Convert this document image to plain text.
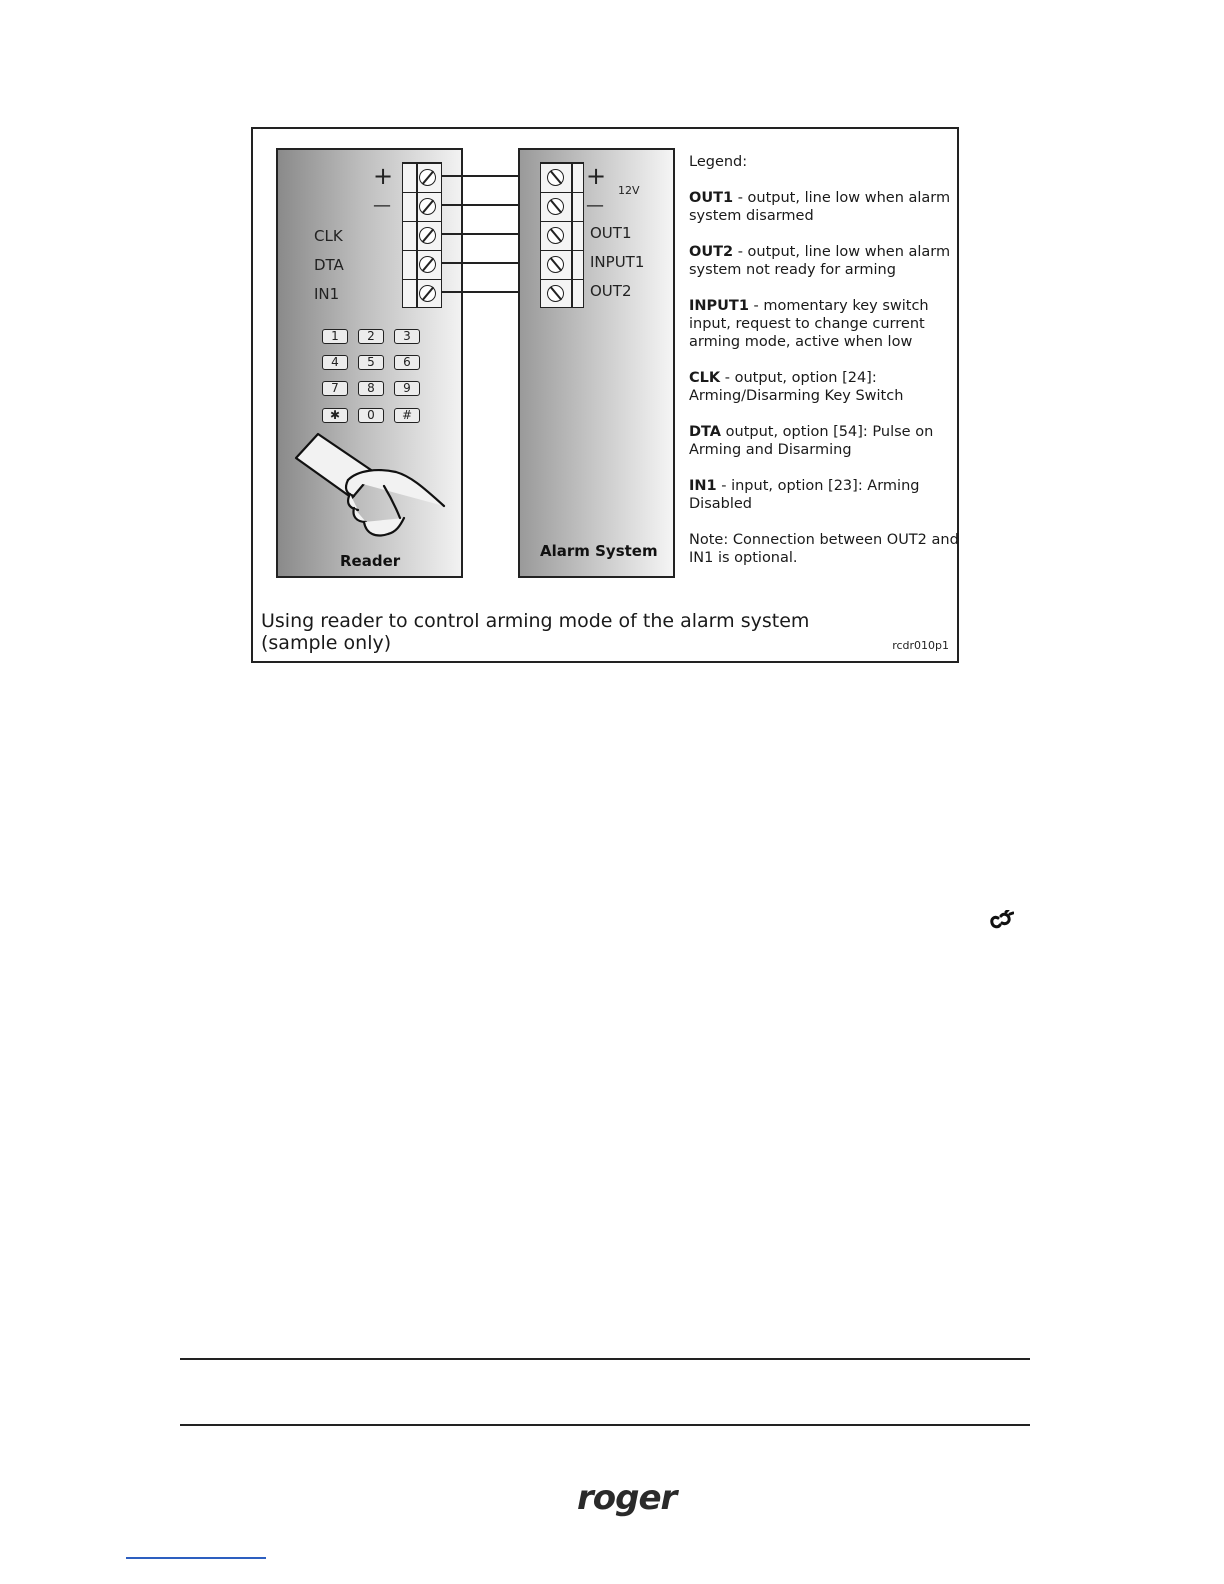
+
—
CLK
DTA
IN1
1	2	3
4	5	6
7	8	9
✱	0	#
Reader
+
—
12V
OUT1
INPUT1
OUT2
Alarm System

Legend:

OUT1 - output, line low when alarm system disarmed

OUT2 - output, line low when alarm system not ready for arming

INPUT1 - momentary key switch input, request to change current arming mode, active when low

CLK - output, option [24]: Arming/Disarming Key Switch

DTA output, option [54]: Pulse on Arming and Disarming

IN1 - input, option [23]: Arming Disabled

Note: Connection between OUT2 and IN1 is optional.

Using reader to control arming mode of the alarm system
(sample only)	rcdr010p1
roger
